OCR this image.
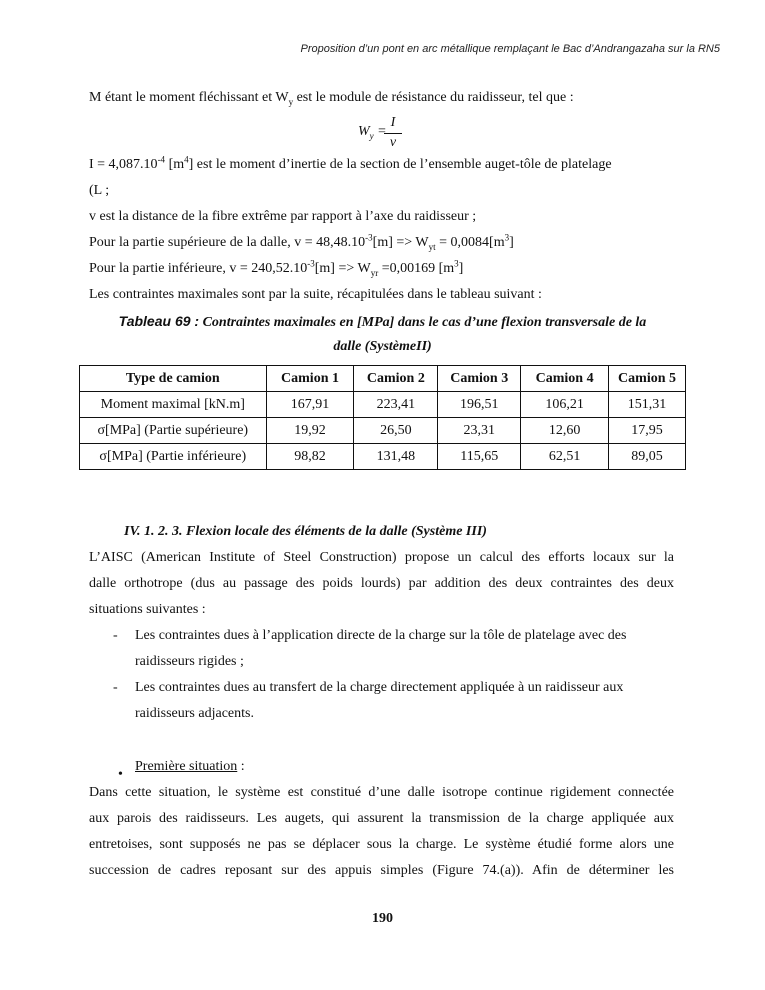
Proposition d’un pont en arc métallique remplaçant le Bac d’Andrangazaha sur la RN5
M étant le moment fléchissant et $W_y$ est le module de résistance du raidisseur, tel que :
$W_y$ =
I
v
$I = 4,087.10^{-4}$ $[m^4]$ est le moment d’inertie de la section de l’ensemble auget-tôle de platelage
(L ;
v est la distance de la fibre extrême par rapport à l’axe du raidisseur ;
Pour la partie supérieure de la dalle, $v = 48,48.10^{-3}[m] => W_{yt} = 0,0084[m^3]$
Pour la partie inférieure, $v = 240,52.10^{-3}[m] => W_{yr} =0,00169$ $[m^3]$
Les contraintes maximales sont par la suite, récapitulées dans le tableau suivant :
Tableau 69 : Contraintes maximales en [MPa] dans le cas d’une flexion transversale de la
dalle (SystèmeII)
Type de camion	Camion 1	Camion 2	Camion 3	Camion 4	Camion 5
Moment maximal [kN.m]	167,91	223,41	196,51	106,21	151,31
σ[MPa] (Partie supérieure)	19,92	26,50	23,31	12,60	17,95
σ[MPa] (Partie inférieure)	98,82	131,48	115,65	62,51	89,05
IV. 1. 2. 3. Flexion locale des éléments de la dalle (Système III)
L’AISC (American Institute of Steel Construction) propose un calcul des efforts locaux sur la
dalle orthotrope (dus au passage des poids lourds) par addition des deux contraintes des deux
situations suivantes :
- Les contraintes dues à l’application directe de la charge sur la tôle de platelage avec des
raidisseurs rigides ;
- Les contraintes dues au transfert de la charge directement appliquée à un raidisseur aux
raidisseurs adjacents.
•
Première situation :
Dans cette situation, le système est constitué d’une dalle isotrope continue rigidement connectée
aux parois des raidisseurs. Les augets, qui assurent la transmission de la charge appliquée aux
entretoises, sont supposés ne pas se déplacer sous la charge. Le système étudié forme alors une
succession de cadres reposant sur des appuis simples (Figure 74.(a)). Afin de déterminer les
190
